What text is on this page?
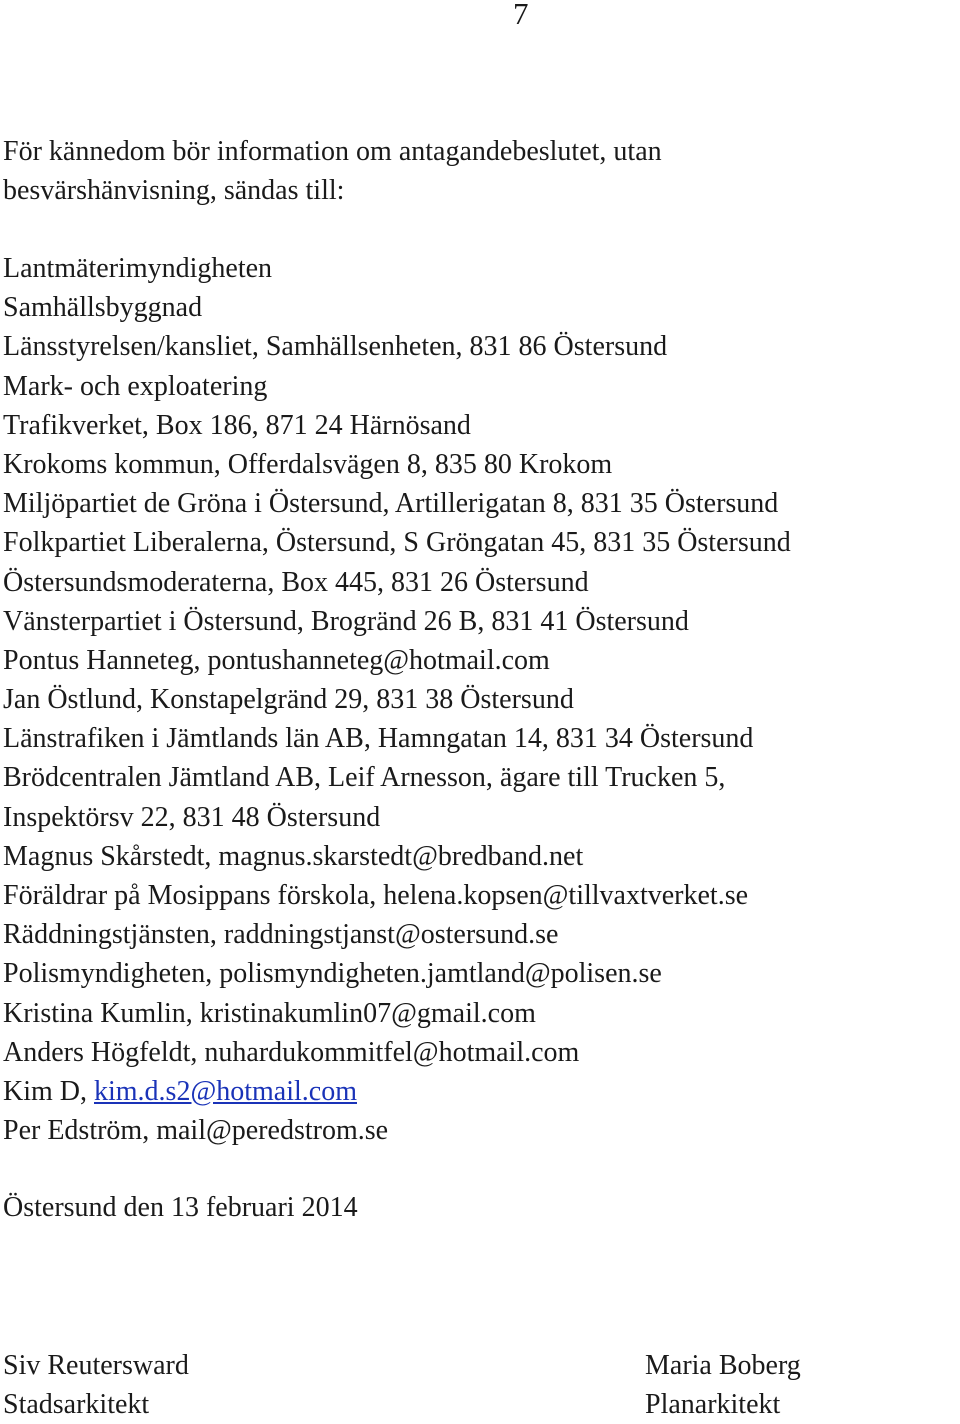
7
För kännedom bör information om antagandebeslutet, utan
besvärshänvisning, sändas till:
Lantmäterimyndigheten
Samhällsbyggnad
Länsstyrelsen/kansliet, Samhällsenheten, 831 86 Östersund
Mark- och exploatering
Trafikverket, Box 186, 871 24 Härnösand
Krokoms kommun, Offerdalsvägen 8, 835 80 Krokom
Miljöpartiet de Gröna i Östersund, Artillerigatan 8, 831 35 Östersund
Folkpartiet Liberalerna, Östersund, S Gröngatan 45, 831 35 Östersund
Östersundsmoderaterna, Box 445, 831 26 Östersund
Vänsterpartiet i Östersund, Brogränd 26 B, 831 41 Östersund
Pontus Hanneteg, pontushanneteg@hotmail.com
Jan Östlund, Konstapelgränd 29, 831 38 Östersund
Länstrafiken i Jämtlands län AB, Hamngatan 14, 831 34 Östersund
Brödcentralen Jämtland AB, Leif Arnesson, ägare till Trucken 5,
Inspektörsv 22, 831 48 Östersund
Magnus Skårstedt, magnus.skarstedt@bredband.net
Föräldrar på Mosippans förskola, helena.kopsen@tillvaxtverket.se
Räddningstjänsten, raddningstjanst@ostersund.se
Polismyndigheten, polismyndigheten.jamtland@polisen.se
Kristina Kumlin, kristinakumlin07@gmail.com
Anders Högfeldt, nuhardukommitfel@hotmail.com
Kim D, kim.d.s2@hotmail.com
Per Edström, mail@peredstrom.se
Östersund den 13 februari 2014
Siv Reutersward
Stadsarkitekt
Maria Boberg
Planarkitekt
